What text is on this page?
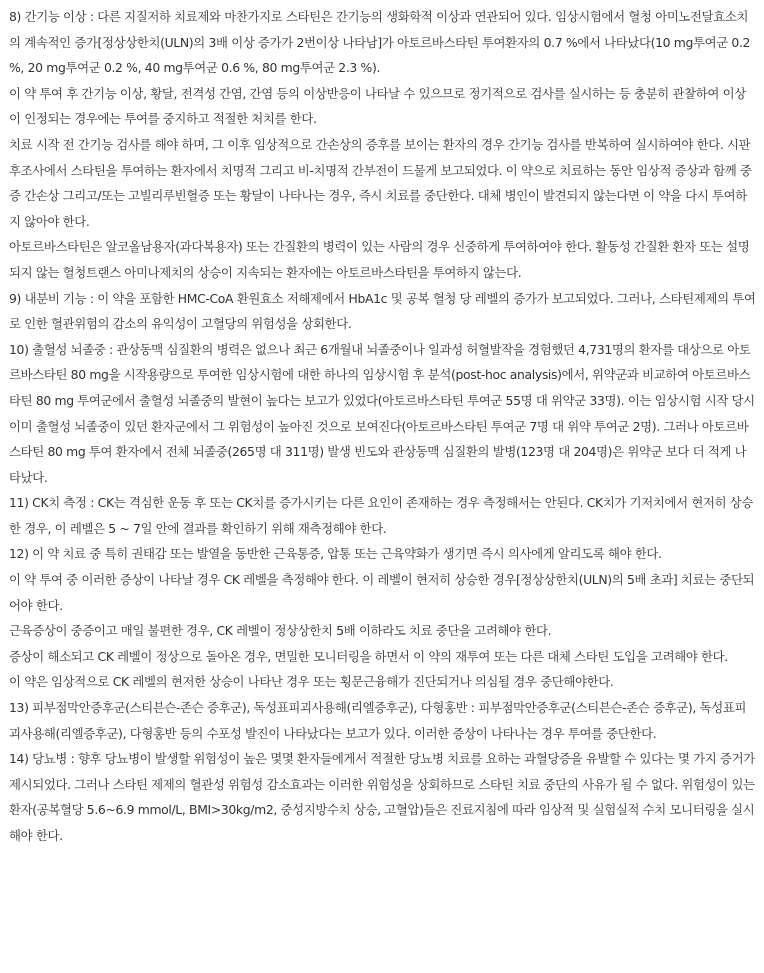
8) 간기능 이상 : 다른 지질저하 치료제와 마찬가지로 스타틴은 간기능의 생화학적 이상과 연관되어 있다. 임상시험에서 혈청 아미노전달효소치의 계속적인 증가[정상상한치(ULN)의 3배 이상 증가가 2번이상 나타남]가 아토르바스타틴 투여환자의 0.7 %에서 나타났다(10 mg투여군 0.2 %, 20 mg투여군 0.2 %, 40 mg투여군 0.6 %, 80 mg투여군 2.3 %).

이 약 투여 후 간기능 이상, 황달, 전격성 간염, 간염 등의 이상반응이 나타날 수 있으므로 정기적으로 검사를 실시하는 등 충분히 관찰하여 이상이 인정되는 경우에는 투여를 중지하고 적절한 처치를 한다.

치료 시작 전 간기능 검사를 해야 하며, 그 이후 임상적으로 간손상의 증후를 보이는 환자의 경우 간기능 검사를 반복하여 실시하여야 한다. 시판후조사에서 스타틴을 투여하는 환자에서 치명적 그리고 비-치명적 간부전이 드물게 보고되었다. 이 약으로 치료하는 동안 임상적 증상과 함께 중증 간손상 그리고/또는 고빌리루빈혈증 또는 황달이 나타나는 경우, 즉시 치료를 중단한다. 대체 병인이 발견되지 않는다면 이 약을 다시 투여하지 않아야 한다.

아토르바스타틴은 알코올남용자(과다복용자) 또는 간질환의 병력이 있는 사람의 경우 신중하게 투여하여야 한다. 활동성 간질환 환자 또는 설명되지 않는 혈청트랜스 아미나제치의 상승이 지속되는 환자에는 아토르바스타틴을 투여하지 않는다.

9) 내분비 기능 : 이 약을 포함한 HMC-CoA 환원효소 저해제에서 HbA1c 및 공복 혈청 당 레벨의 증가가 보고되었다. 그러나, 스타틴제제의 투여로 인한 혈관위험의 감소의 유익성이 고혈당의 위험성을 상회한다.

10) 출혈성 뇌졸중 : 관상동맥 심질환의 병력은 없으나 최근 6개월내 뇌졸중이나 일과성 허혈발작을 경험했던 4,731명의 환자를 대상으로 아토르바스타틴 80 mg을 시작용량으로 투여한 임상시험에 대한 하나의 임상시험 후 분석(post-hoc analysis)에서, 위약군과 비교하여 아토르바스타틴 80 mg 투여군에서 출혈성 뇌졸중의 발현이 높다는 보고가 있었다(아토르바스타틴 투여군 55명 대 위약군 33명). 이는 임상시험 시작 당시 이미 출혈성 뇌졸중이 있던 환자군에서 그 위험성이 높아진 것으로 보여진다(아토르바스타틴 투여군 7명 대 위약 투여군 2명). 그러나 아토르바스타틴 80 mg 투여 환자에서 전체 뇌졸중(265명 대 311명) 발생 빈도와 관상동맥 심질환의 발병(123명 대 204명)은 위약군 보다 더 적게 나타났다.

11) CK치 측정 : CK는 격심한 운동 후 또는 CK치를 증가시키는 다른 요인이 존재하는 경우 측정해서는 안된다. CK치가 기저치에서 현저히 상승한 경우, 이 레벨은 5 ~ 7일 안에 결과를 확인하기 위해 재측정해야 한다.

12) 이 약 치료 중 특히 권태감 또는 발열을 동반한 근육통증, 압통 또는 근육약화가 생기면 즉시 의사에게 알리도록 해야 한다.

이 약 투여 중 이러한 증상이 나타날 경우 CK 레벨을 측정해야 한다. 이 레벨이 현저히 상승한 경우[정상상한치(ULN)의 5배 초과] 치료는 중단되어야 한다.

근육증상이 중증이고 매일 불편한 경우, CK 레벨이 정상상한치 5배 이하라도 치료 중단을 고려해야 한다.

증상이 해소되고 CK 레벨이 정상으로 돌아온 경우, 면밀한 모니터링을 하면서 이 약의 재투여 또는 다른 대체 스타틴 도입을 고려해야 한다.

이 약은 임상적으로 CK 레벨의 현저한 상승이 나타난 경우 또는 횡문근융해가 진단되거나 의심될 경우 중단해야한다.

13) 피부점막안증후군(스티븐슨-존슨 증후군), 독성표피괴사용해(리엘증후군), 다형홍반 : 피부점막안증후군(스티븐슨-존슨 증후군), 독성표피괴사용해(리엘증후군), 다형홍반 등의 수포성 발진이 나타났다는 보고가 있다. 이러한 증상이 나타나는 경우 투여를 중단한다.

14) 당뇨병 : 향후 당뇨병이 발생할 위험성이 높은 몇몇 환자들에게서 적절한 당뇨병 치료를 요하는 과혈당증을 유발할 수 있다는 몇 가지 증거가 제시되었다. 그러나 스타틴 제제의 혈관성 위험성 감소효과는 이러한 위험성을 상회하므로 스타틴 치료 중단의 사유가 될 수 없다. 위험성이 있는 환자(공복혈당 5.6~6.9 mmol/L, BMI>30kg/m2, 중성지방수치 상승, 고혈압)들은 진료지침에 따라 임상적 및 실험실적 수치 모니터링을 실시해야 한다.
